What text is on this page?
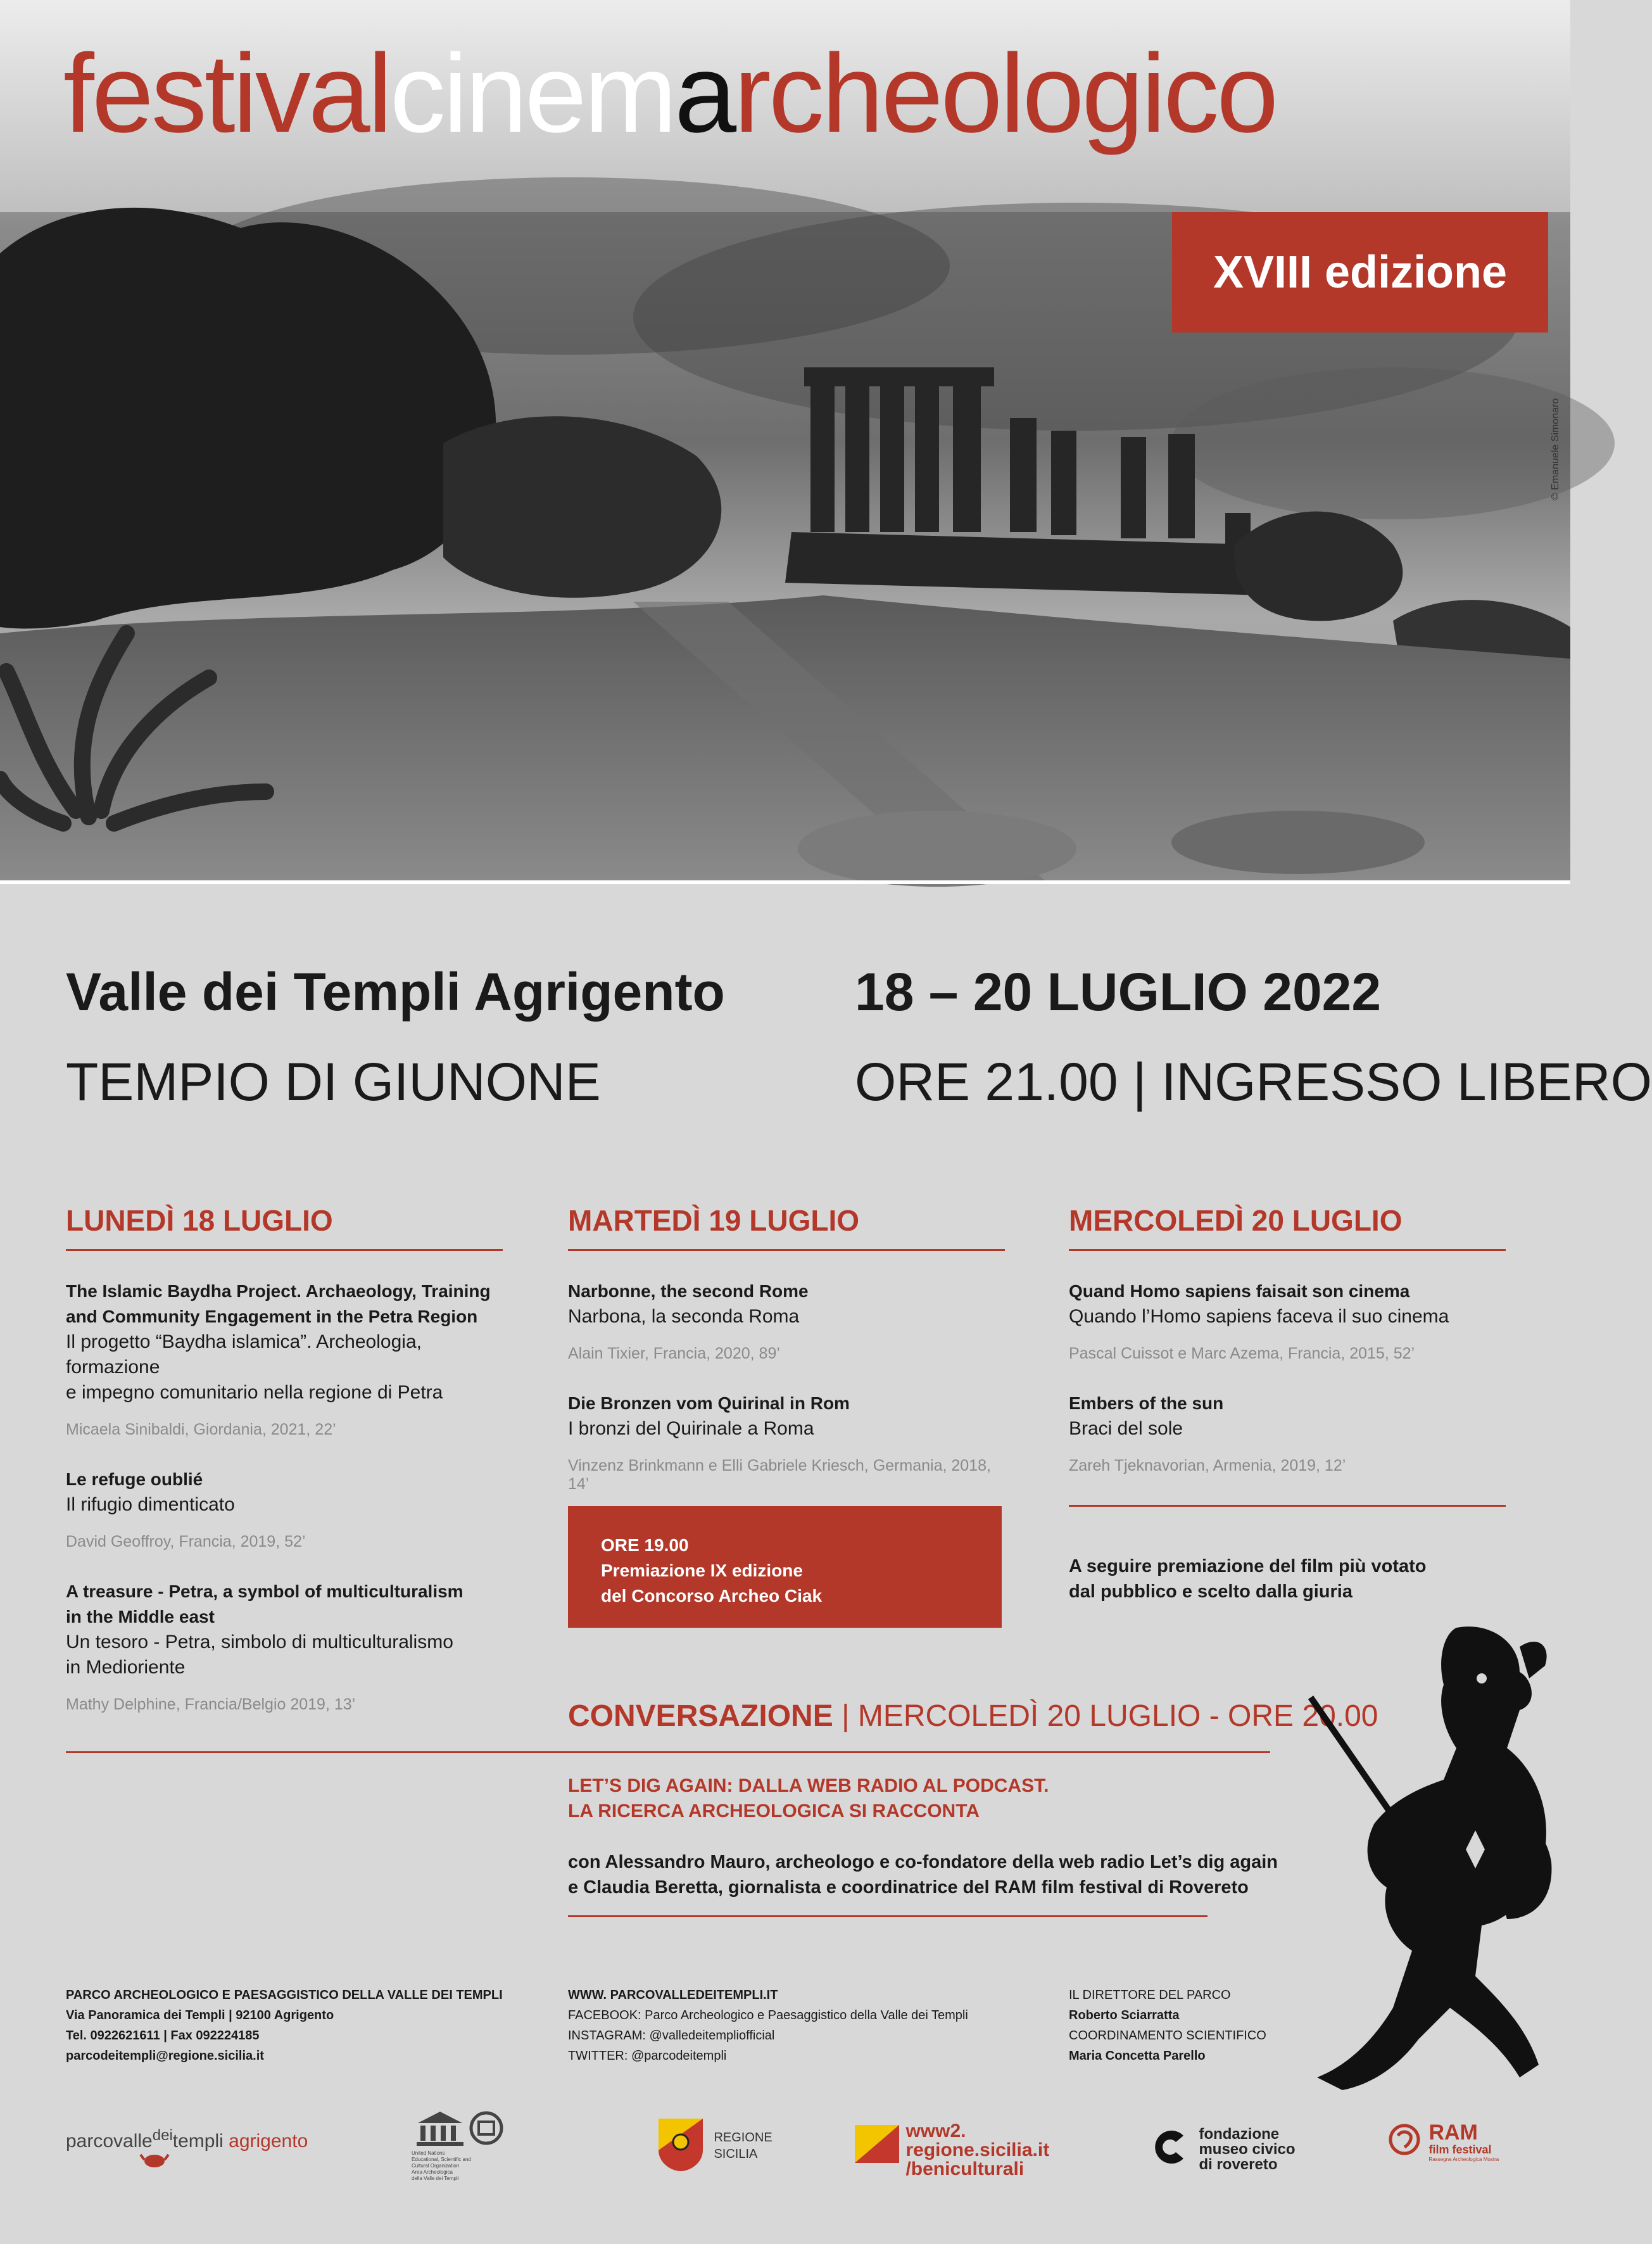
festivalcinemarcheologico
XVIII edizione
© Emanuele Simonaro
Valle dei Templi Agrigento
TEMPIO DI GIUNONE
18 – 20 LUGLIO 2022
ORE 21.00 | INGRESSO LIBERO
LUNEDÌ 18 LUGLIO
The Islamic Baydha Project. Archaeology, Training
and Community Engagement in the Petra Region
Il progetto “Baydha islamica”. Archeologia, formazione
e impegno comunitario nella regione di Petra
Micaela Sinibaldi, Giordania, 2021, 22’
Le refuge oublié
Il rifugio dimenticato
David Geoffroy, Francia, 2019, 52’
A treasure - Petra, a symbol of multiculturalism
in the Middle east
Un tesoro - Petra, simbolo di multiculturalismo
in Medioriente
Mathy Delphine, Francia/Belgio 2019, 13’
MARTEDÌ 19 LUGLIO
Narbonne, the second Rome
Narbona, la seconda Roma
Alain Tixier, Francia, 2020, 89’
Die Bronzen vom Quirinal in Rom
I bronzi del Quirinale a Roma
Vinzenz Brinkmann e Elli Gabriele Kriesch, Germania, 2018, 14’
MERCOLEDÌ 20 LUGLIO
Quand Homo sapiens faisait son cinema
Quando l’Homo sapiens faceva il suo cinema
Pascal Cuissot e Marc Azema, Francia, 2015, 52’
Embers of the sun
Braci del sole
Zareh Tjeknavorian, Armenia, 2019, 12’
ORE 19.00
Premiazione IX edizione
del Concorso Archeo Ciak
A seguire premiazione del film più votato
dal pubblico e scelto dalla giuria
CONVERSAZIONE | MERCOLEDÌ 20 LUGLIO - ORE 20.00
LET’S DIG AGAIN: DALLA WEB RADIO AL PODCAST.
LA RICERCA ARCHEOLOGICA SI RACCONTA
con Alessandro Mauro, archeologo e co-fondatore della web radio Let’s dig again
e Claudia Beretta, giornalista e coordinatrice del RAM film festival di Rovereto
PARCO ARCHEOLOGICO E PAESAGGISTICO DELLA VALLE DEI TEMPLI
Via Panoramica dei Templi | 92100 Agrigento
Tel. 0922621611 | Fax 092224185
parcodeitempli@regione.sicilia.it
WWW. PARCOVALLEDEITEMPLI.IT
FACEBOOK: Parco Archeologico e Paesaggistico della Valle dei Templi
INSTAGRAM: @valledeitempliofficial
TWITTER: @parcodeitempli
IL DIRETTORE DEL PARCO
Roberto Sciarratta
COORDINAMENTO SCIENTIFICO
Maria Concetta Parello
parcovalle$^{dei}$templi agrigento
United Nations
Educational, Scientific and
Cultural Organization
Area Archeologica
della Valle dei Templi

REGIONE
SICILIA

www2.
regione.sicilia.it
/beniculturali

fondazione
museo civico
di rovereto

RAM
film festival
Rassegna Archeologica Mostra
